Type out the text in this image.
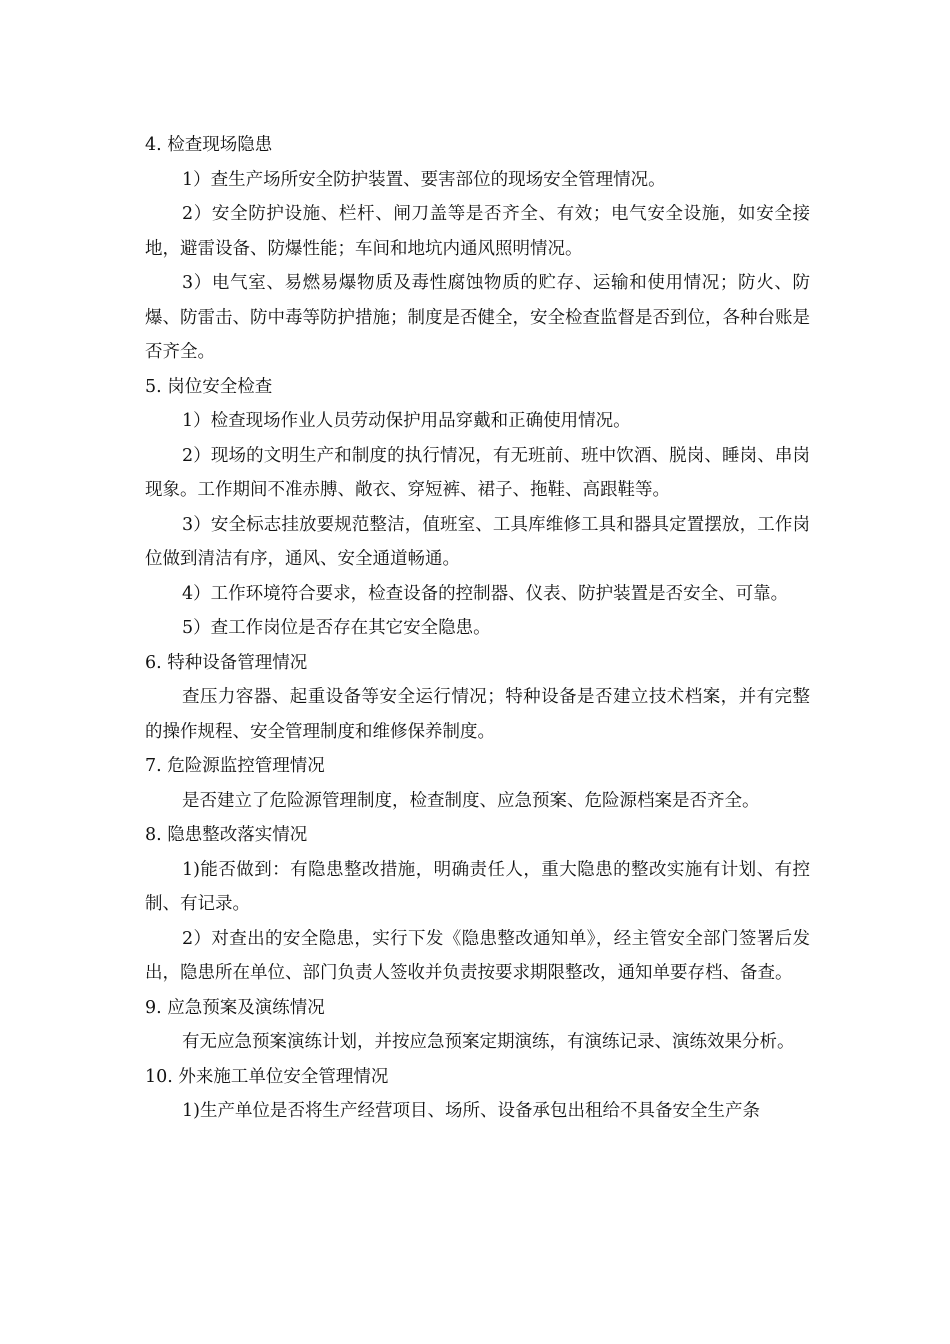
4. 检查现场隐患

1）查生产场所安全防护装置、要害部位的现场安全管理情况。

2）安全防护设施、栏杆、闸刀盖等是否齐全、有效；电气安全设施，如安全接地，避雷设备、防爆性能；车间和地坑内通风照明情况。

3）电气室、易燃易爆物质及毒性腐蚀物质的贮存、运输和使用情况；防火、防爆、防雷击、防中毒等防护措施；制度是否健全，安全检查监督是否到位，各种台账是否齐全。

5. 岗位安全检查

1）检查现场作业人员劳动保护用品穿戴和正确使用情况。

2）现场的文明生产和制度的执行情况，有无班前、班中饮酒、脱岗、睡岗、串岗现象。工作期间不准赤膊、敞衣、穿短裤、裙子、拖鞋、高跟鞋等。

3）安全标志挂放要规范整洁，值班室、工具库维修工具和器具定置摆放，工作岗位做到清洁有序，通风、安全通道畅通。

4）工作环境符合要求，检查设备的控制器、仪表、防护装置是否安全、可靠。

5）查工作岗位是否存在其它安全隐患。

6. 特种设备管理情况

查压力容器、起重设备等安全运行情况；特种设备是否建立技术档案，并有完整的操作规程、安全管理制度和维修保养制度。

7. 危险源监控管理情况

是否建立了危险源管理制度，检查制度、应急预案、危险源档案是否齐全。

8. 隐患整改落实情况

1)能否做到：有隐患整改措施，明确责任人，重大隐患的整改实施有计划、有控制、有记录。

2）对查出的安全隐患，实行下发《隐患整改通知单》，经主管安全部门签署后发出，隐患所在单位、部门负责人签收并负责按要求期限整改，通知单要存档、备查。

9. 应急预案及演练情况

有无应急预案演练计划，并按应急预案定期演练，有演练记录、演练效果分析。

10. 外来施工单位安全管理情况

1)生产单位是否将生产经营项目、场所、设备承包出租给不具备安全生产条
